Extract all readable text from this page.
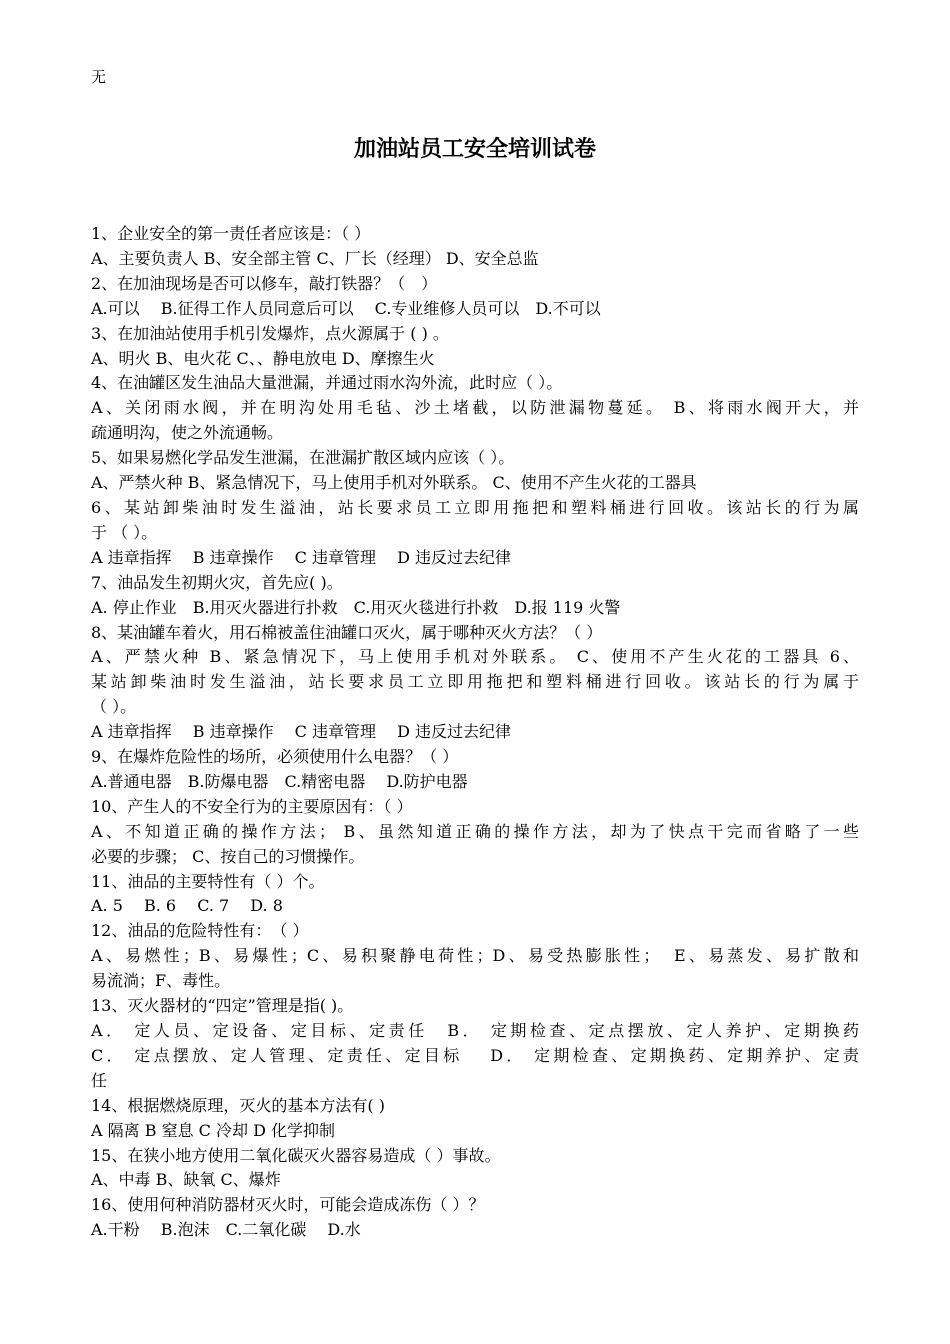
无
加油站员工安全培训试卷
1、企业安全的第一责任者应该是：（ ）
A、主要负责人 B、安全部主管 C、厂长（经理） D、安全总监
2、在加油现场是否可以修车，敲打铁器？（　）
A.可以　 B.征得工作人员同意后可以　 C.专业维修人员可以　D.不可以
3、在加油站使用手机引发爆炸，点火源属于 ( ) 。
A、明火 B、电火花 C、、静电放电 D、摩擦生火
4、在油罐区发生油品大量泄漏，并通过雨水沟外流，此时应（ ）。
A、关闭雨水阀，并在明沟处用毛毡、沙土堵截，以防泄漏物蔓延。 B、将雨水阀开大，并
疏通明沟，使之外流通畅。
5、如果易燃化学品发生泄漏，在泄漏扩散区域内应该（ ）。
A、严禁火种 B、紧急情况下，马上使用手机对外联系。 C、使用不产生火花的工器具
6、某站卸柴油时发生溢油，站长要求员工立即用拖把和塑料桶进行回收。该站长的行为属
于 （ ）。
A 违章指挥　 B 违章操作　 C 违章管理　 D 违反过去纪律
7、油品发生初期火灾，首先应( )。
A. 停止作业　B.用灭火器进行扑救　C.用灭火毯进行扑救　D.报 119 火警
8、某油罐车着火，用石棉被盖住油罐口灭火，属于哪种灭火方法？（ ）
A、严禁火种 B、紧急情况下，马上使用手机对外联系。 C、使用不产生火花的工器具 6、
某站卸柴油时发生溢油，站长要求员工立即用拖把和塑料桶进行回收。该站长的行为属于
（ ）。
A 违章指挥　 B 违章操作　 C 违章管理　 D 违反过去纪律
9、在爆炸危险性的场所，必须使用什么电器？（ ）
A.普通电器　B.防爆电器　C.精密电器　 D.防护电器
10、产生人的不安全行为的主要原因有：（ ）
A、不知道正确的操作方法； B、虽然知道正确的操作方法，却为了快点干完而省略了一些
必要的步骤； C、按自己的习惯操作。
11、油品的主要特性有（ ）个。
A. 5　 B. 6　 C. 7　 D. 8
12、油品的危险特性有：　（ ）
A、易燃性；B、易爆性；C、易积聚静电荷性；D、易受热膨胀性；　E、易蒸发、易扩散和
易流淌；F、毒性。
13、灭火器材的“四定”管理是指( )。
A． 定人员、定设备、定目标、定责任　B． 定期检查、定点摆放、定人养护、定期换药
C． 定点摆放、定人管理、定责任、定目标　 D． 定期检查、定期换药、定期养护、定责
任
14、根据燃烧原理，灭火的基本方法有( )
A 隔离 B 窒息 C 冷却 D 化学抑制
15、在狭小地方使用二氧化碳灭火器容易造成（ ）事故。
A、中毒 B、缺氧 C、爆炸
16、使用何种消防器材灭火时，可能会造成冻伤（ ）？
A.干粉　 B.泡沫　C.二氧化碳　 D.水
